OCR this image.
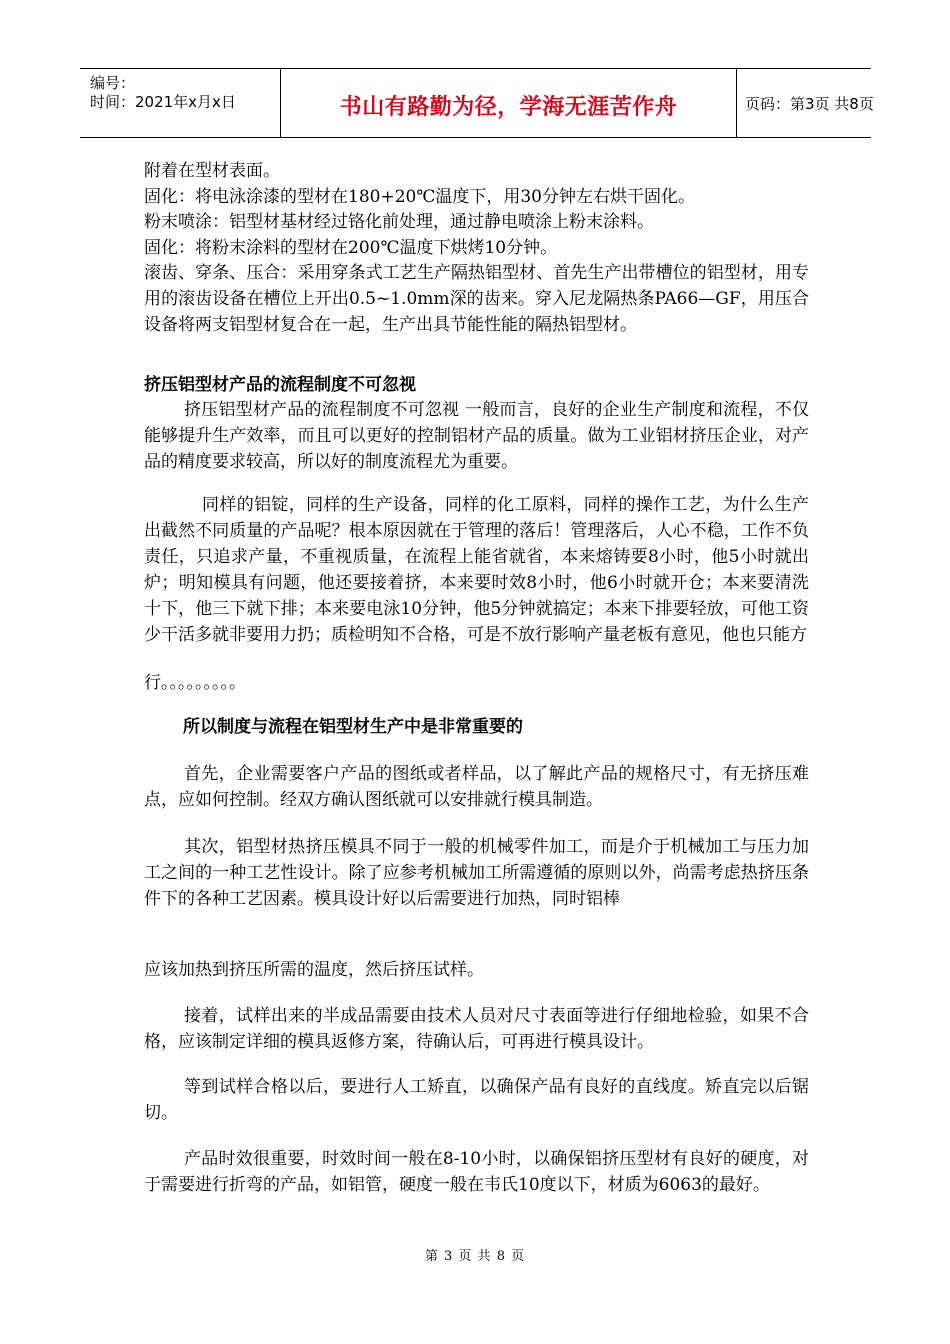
编号：
时间：2021年x月x日	书山有路勤为径，学海无涯苦作舟	页码：第3页 共8页
附着在型材表面。
固化：将电泳涂漆的型材在180+20℃温度下，用30分钟左右烘干固化。
粉末喷涂：铝型材基材经过铬化前处理，通过静电喷涂上粉末涂料。
固化：将粉末涂料的型材在200℃温度下烘烤10分钟。

滚齿、穿条、压合：采用穿条式工艺生产隔热铝型材、首先生产出带槽位的铝型材，用专用的滚齿设备在槽位上开出0.5~1.0mm深的齿来。穿入尼龙隔热条PA66—GF，用压合设备将两支铝型材复合在一起，生产出具节能性能的隔热铝型材。

挤压铝型材产品的流程制度不可忽视

挤压铝型材产品的流程制度不可忽视 一般而言，良好的企业生产制度和流程，不仅能够提升生产效率，而且可以更好的控制铝材产品的质量。做为工业铝材挤压企业，对产品的精度要求较高，所以好的制度流程尤为重要。

同样的铝锭，同样的生产设备，同样的化工原料，同样的操作工艺，为什么生产出截然不同质量的产品呢？根本原因就在于管理的落后！管理落后，人心不稳，工作不负责任，只追求产量，不重视质量，在流程上能省就省，本来熔铸要8小时，他5小时就出炉；明知模具有问题，他还要接着挤，本来要时效8小时，他6小时就开仓；本来要清洗十下，他三下就下排；本来要电泳10分钟，他5分钟就搞定；本来下排要轻放，可他工资少干活多就非要用力扔；质检明知不合格，可是不放行影响产量老板有意见，他也只能方

行。。。。。。。。。
所以制度与流程在铝型材生产中是非常重要的

首先，企业需要客户产品的图纸或者样品，以了解此产品的规格尺寸，有无挤压难点，应如何控制。经双方确认图纸就可以安排就行模具制造。

其次，铝型材热挤压模具不同于一般的机械零件加工，而是介于机械加工与压力加工之间的一种工艺性设计。除了应参考机械加工所需遵循的原则以外，尚需考虑热挤压条件下的各种工艺因素。模具设计好以后需要进行加热，同时铝棒

应该加热到挤压所需的温度，然后挤压试样。

接着，试样出来的半成品需要由技术人员对尺寸表面等进行仔细地检验，如果不合格，应该制定详细的模具返修方案，待确认后，可再进行模具设计。

等到试样合格以后，要进行人工矫直，以确保产品有良好的直线度。矫直完以后锯切。

产品时效很重要，时效时间一般在8-10小时，以确保铝挤压型材有良好的硬度，对于需要进行折弯的产品，如铝管，硬度一般在韦氏10度以下，材质为6063的最好。

第 3 页 共 8 页
